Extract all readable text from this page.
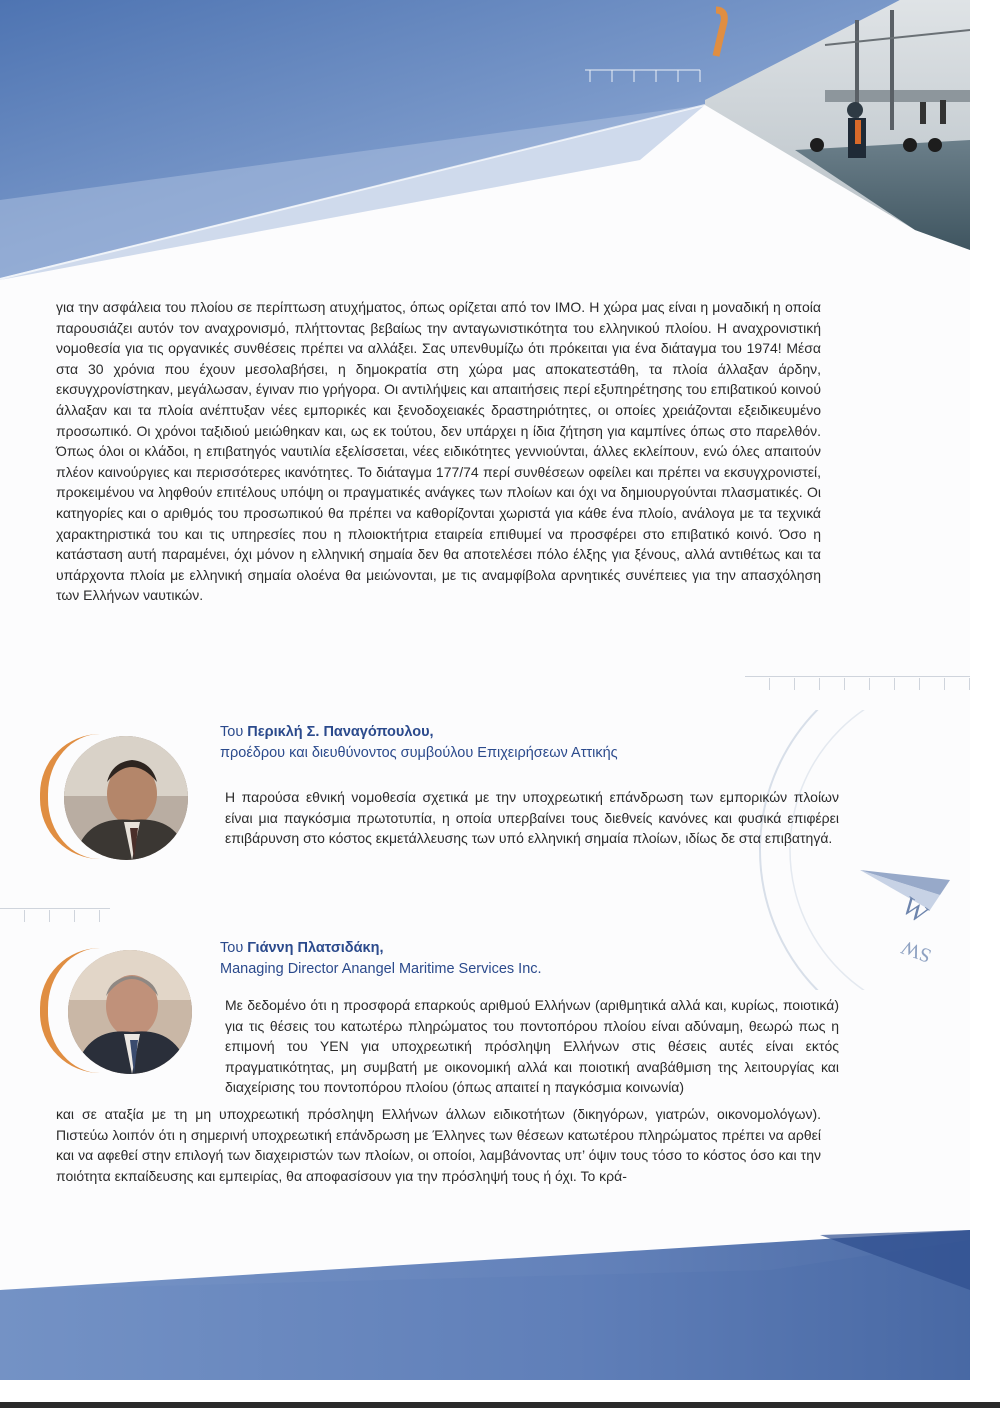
W
SW

για την ασφάλεια του πλοίου σε περίπτωση ατυχήματος, όπως ορίζεται από τον IMO. Η χώρα μας είναι η μοναδική η οποία παρουσιάζει αυτόν τον αναχρονισμό, πλήττοντας βεβαίως την ανταγωνιστικότητα του ελληνικού πλοίου. Η αναχρονιστική νομοθεσία για τις οργανικές συνθέσεις πρέπει να αλλάξει. Σας υπενθυμίζω ότι πρόκειται για ένα διάταγμα του 1974! Μέσα στα 30 χρόνια που έχουν μεσολαβήσει, η δημοκρατία στη χώρα μας αποκατεστάθη, τα πλοία άλλαξαν άρδην, εκσυγχρονίστηκαν, μεγάλωσαν, έγιναν πιο γρήγορα. Οι αντιλήψεις και απαιτήσεις περί εξυπηρέτησης του επιβατικού κοινού άλλαξαν και τα πλοία ανέπτυξαν νέες εμπορικές και ξενοδοχειακές δραστηριότητες, οι οποίες χρειάζονται εξειδικευμένο προσωπικό. Οι χρόνοι ταξιδιού μειώθηκαν και, ως εκ τούτου, δεν υπάρχει η ίδια ζήτηση για καμπίνες όπως στο παρελθόν. Όπως όλοι οι κλάδοι, η επιβατηγός ναυτιλία εξελίσσεται, νέες ειδικότητες γεννιούνται, άλλες εκλείπουν, ενώ όλες απαιτούν πλέον καινούργιες και περισσότερες ικανότητες. Το διάταγμα 177/74 περί συνθέσεων οφείλει και πρέπει να εκσυγχρονιστεί, προκειμένου να ληφθούν επιτέλους υπόψη οι πραγματικές ανάγκες των πλοίων και όχι να δημιουργούνται πλασματικές. Οι κατηγορίες και ο αριθμός του προσωπικού θα πρέπει να καθορίζονται χωριστά για κάθε ένα πλοίο, ανάλογα με τα τεχνικά χαρακτηριστικά του και τις υπηρεσίες που η πλοιοκτήτρια εταιρεία επιθυμεί να προσφέρει στο επιβατικό κοινό. Όσο η κατάσταση αυτή παραμένει, όχι μόνον η ελληνική σημαία δεν θα αποτελέσει πόλο έλξης για ξένους, αλλά αντιθέτως και τα υπάρχοντα πλοία με ελληνική σημαία ολοένα θα μειώνονται, με τις αναμφίβολα αρνητικές συνέπειες για την απασχόληση των Ελλήνων ναυτικών.

Του Περικλή Σ. Παναγόπουλου,

προέδρου και διευθύνοντος συμβούλου Επιχειρήσεων Αττικής

Η παρούσα εθνική νομοθεσία σχετικά με την υποχρεωτική επάνδρωση των εμπορικών πλοίων είναι μια παγκόσμια πρωτοτυπία, η οποία υπερβαίνει τους διεθνείς κανόνες και φυσικά επιφέρει επιβάρυνση στο κόστος εκμετάλλευσης των υπό ελληνική σημαία πλοίων, ιδίως δε στα επιβατηγά.

Του Γιάννη Πλατσιδάκη,

Managing Director Anangel Maritime Services Inc.

Με δεδομένο ότι η προσφορά επαρκούς αριθμού Ελλήνων (αριθμητικά αλλά και, κυρίως, ποιοτικά) για τις θέσεις του κατωτέρω πληρώματος του ποντοπόρου πλοίου είναι αδύναμη, θεωρώ πως η επιμονή του ΥΕΝ για υποχρεωτική πρόσληψη Ελλήνων στις θέσεις αυτές είναι εκτός πραγματικότητας, μη συμβατή με οικονομική αλλά και ποιοτική αναβάθμιση της λειτουργίας και διαχείρισης του ποντοπόρου πλοίου (όπως απαιτεί η παγκόσμια κοινωνία)

και σε αταξία με τη μη υποχρεωτική πρόσληψη Ελλήνων άλλων ειδικοτήτων (δικηγόρων, γιατρών, οικονομολόγων). Πιστεύω λοιπόν ότι η σημερινή υποχρεωτική επάνδρωση με Έλληνες των θέσεων κατωτέρου πληρώματος πρέπει να αρθεί και να αφεθεί στην επιλογή των διαχειριστών των πλοίων, οι οποίοι, λαμβάνοντας υπ’ όψιν τους τόσο το κόστος όσο και την ποιότητα εκπαίδευσης και εμπειρίας, θα αποφασίσουν για την πρόσληψή τους ή όχι. Το κρά-
